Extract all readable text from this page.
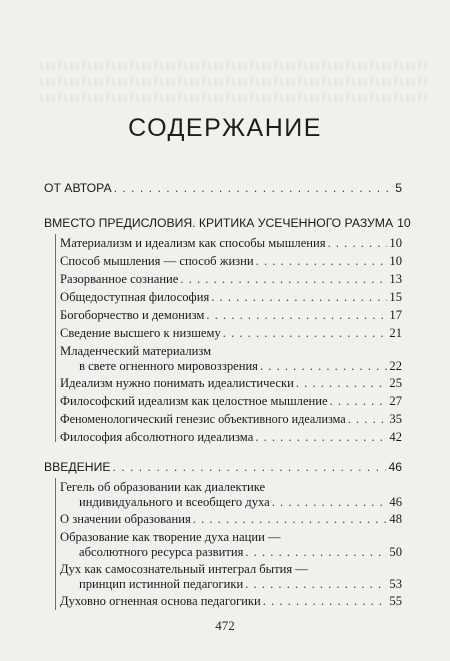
СОДЕРЖАНИЕ
ОТ АВТОРА . . .	5
ВМЕСТО ПРЕДИСЛОВИЯ. КРИТИКА УСЕЧЕННОГО РАЗУМА 10
Материализм и идеализм как способы мышления . . .	10
Способ мышления — способ жизни . . .	10
Разорванное сознание . . .	13
Общедоступная философия . . .	15
Богоборчество и демонизм . . .	17
Сведение высшего к низшему . . .	21
Младенческий материализм
в свете огненного мировоззрения . . .	22
Идеализм нужно понимать идеалистически . . .	25
Философский идеализм как целостное мышление . . .	27
Феноменологический генезис объективного идеализма . . .	35
Философия абсолютного идеализма . . .	42
ВВЕДЕНИЕ . . .	46
Гегель об образовании как диалектике
индивидуального и всеобщего духа . . .	46
О значении образования . . .	48
Образование как творение духа нации —
абсолютного ресурса развития . . .	50
Дух как самосознательный интеграл бытия —
принцип истинной педагогики . . .	53
Духовно огненная основа педагогики . . .	55
472
